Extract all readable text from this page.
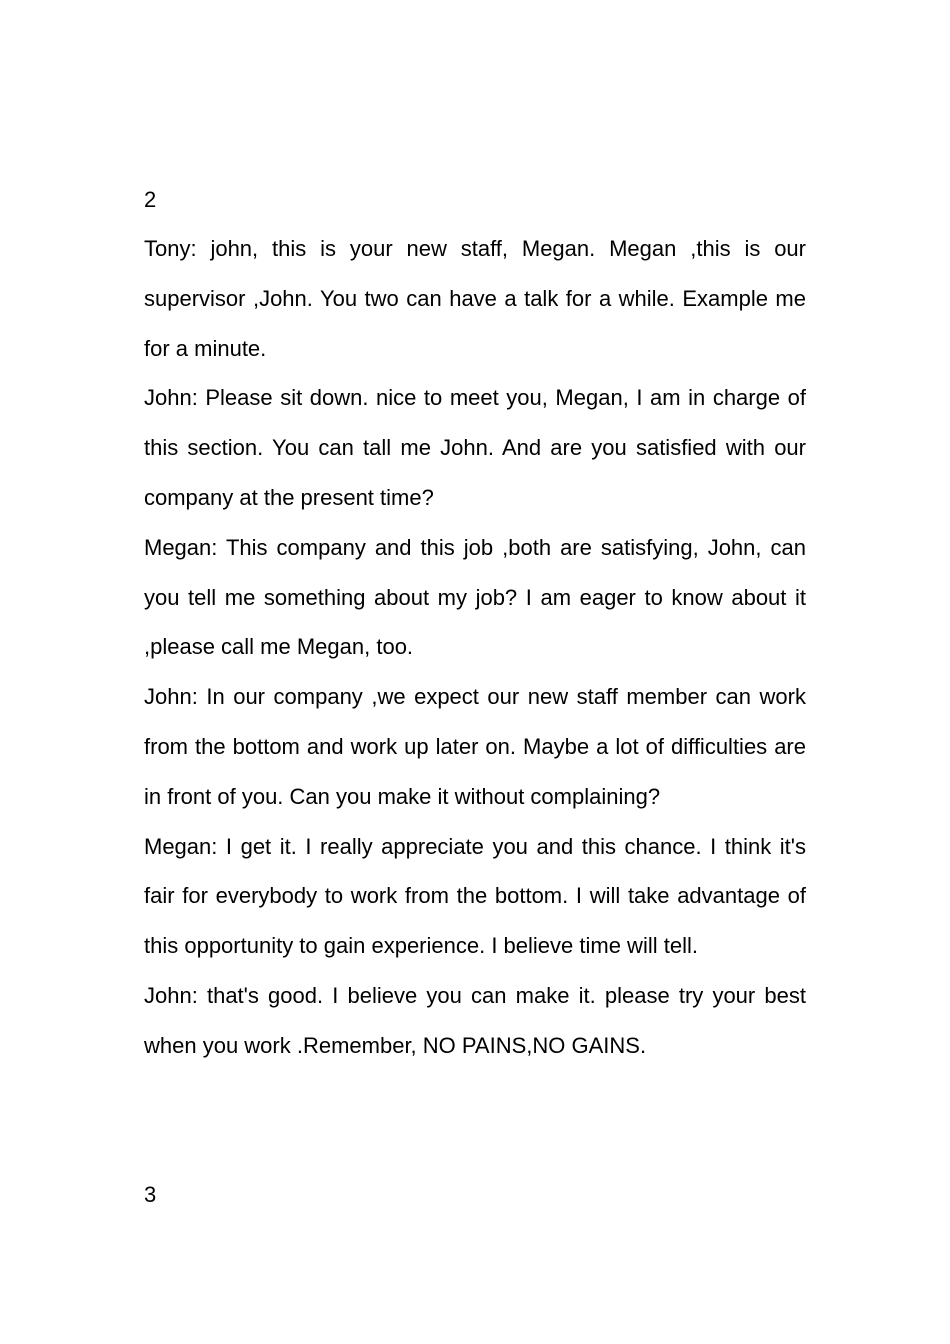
2

Tony: john, this is your new staff, Megan. Megan ,this is our supervisor ,John. You two can have a talk for a while. Example me for a minute.

John: Please sit down. nice to meet you, Megan, I am in charge of this section. You can tall me John. And are you satisfied with our company at the present time?

Megan: This company and this job ,both are satisfying, John, can you tell me something about my job? I am eager to know about it ,please call me Megan, too.

John: In our company ,we expect our new staff member can work from the bottom and work up later on. Maybe a lot of difficulties are in front of you. Can you make it without complaining?

Megan: I get it. I really appreciate you and this chance. I think it's fair for everybody to work from the bottom. I will take advantage of this opportunity to gain experience. I believe time will tell.

John: that's good. I believe you can make it. please try your best when you work .Remember, NO PAINS,NO GAINS.

3
